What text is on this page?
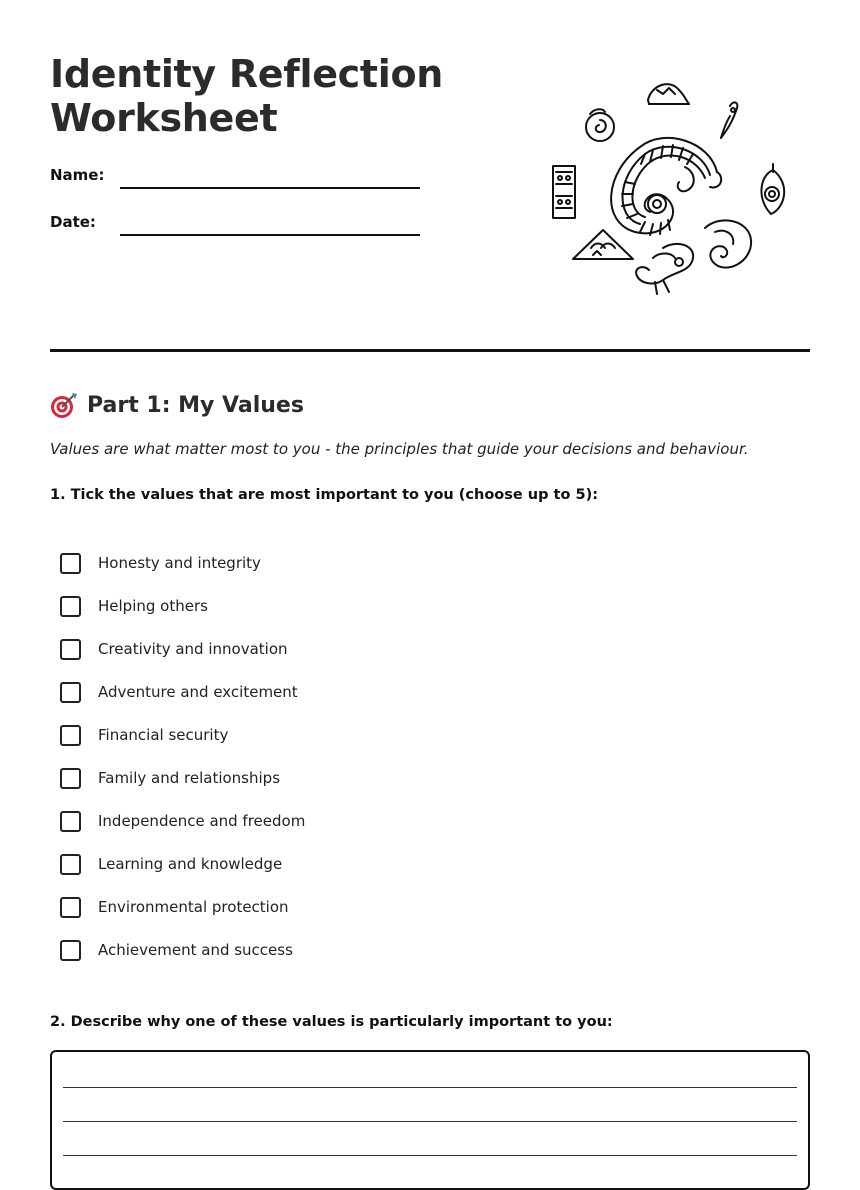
Identity Reflection
Worksheet
Name:
Date:
Part 1: My Values
Values are what matter most to you - the principles that guide your decisions and behaviour.
1. Tick the values that are most important to you (choose up to 5):
Honesty and integrity
Helping others
Creativity and innovation
Adventure and excitement
Financial security
Family and relationships
Independence and freedom
Learning and knowledge
Environmental protection
Achievement and success
2. Describe why one of these values is particularly important to you:
